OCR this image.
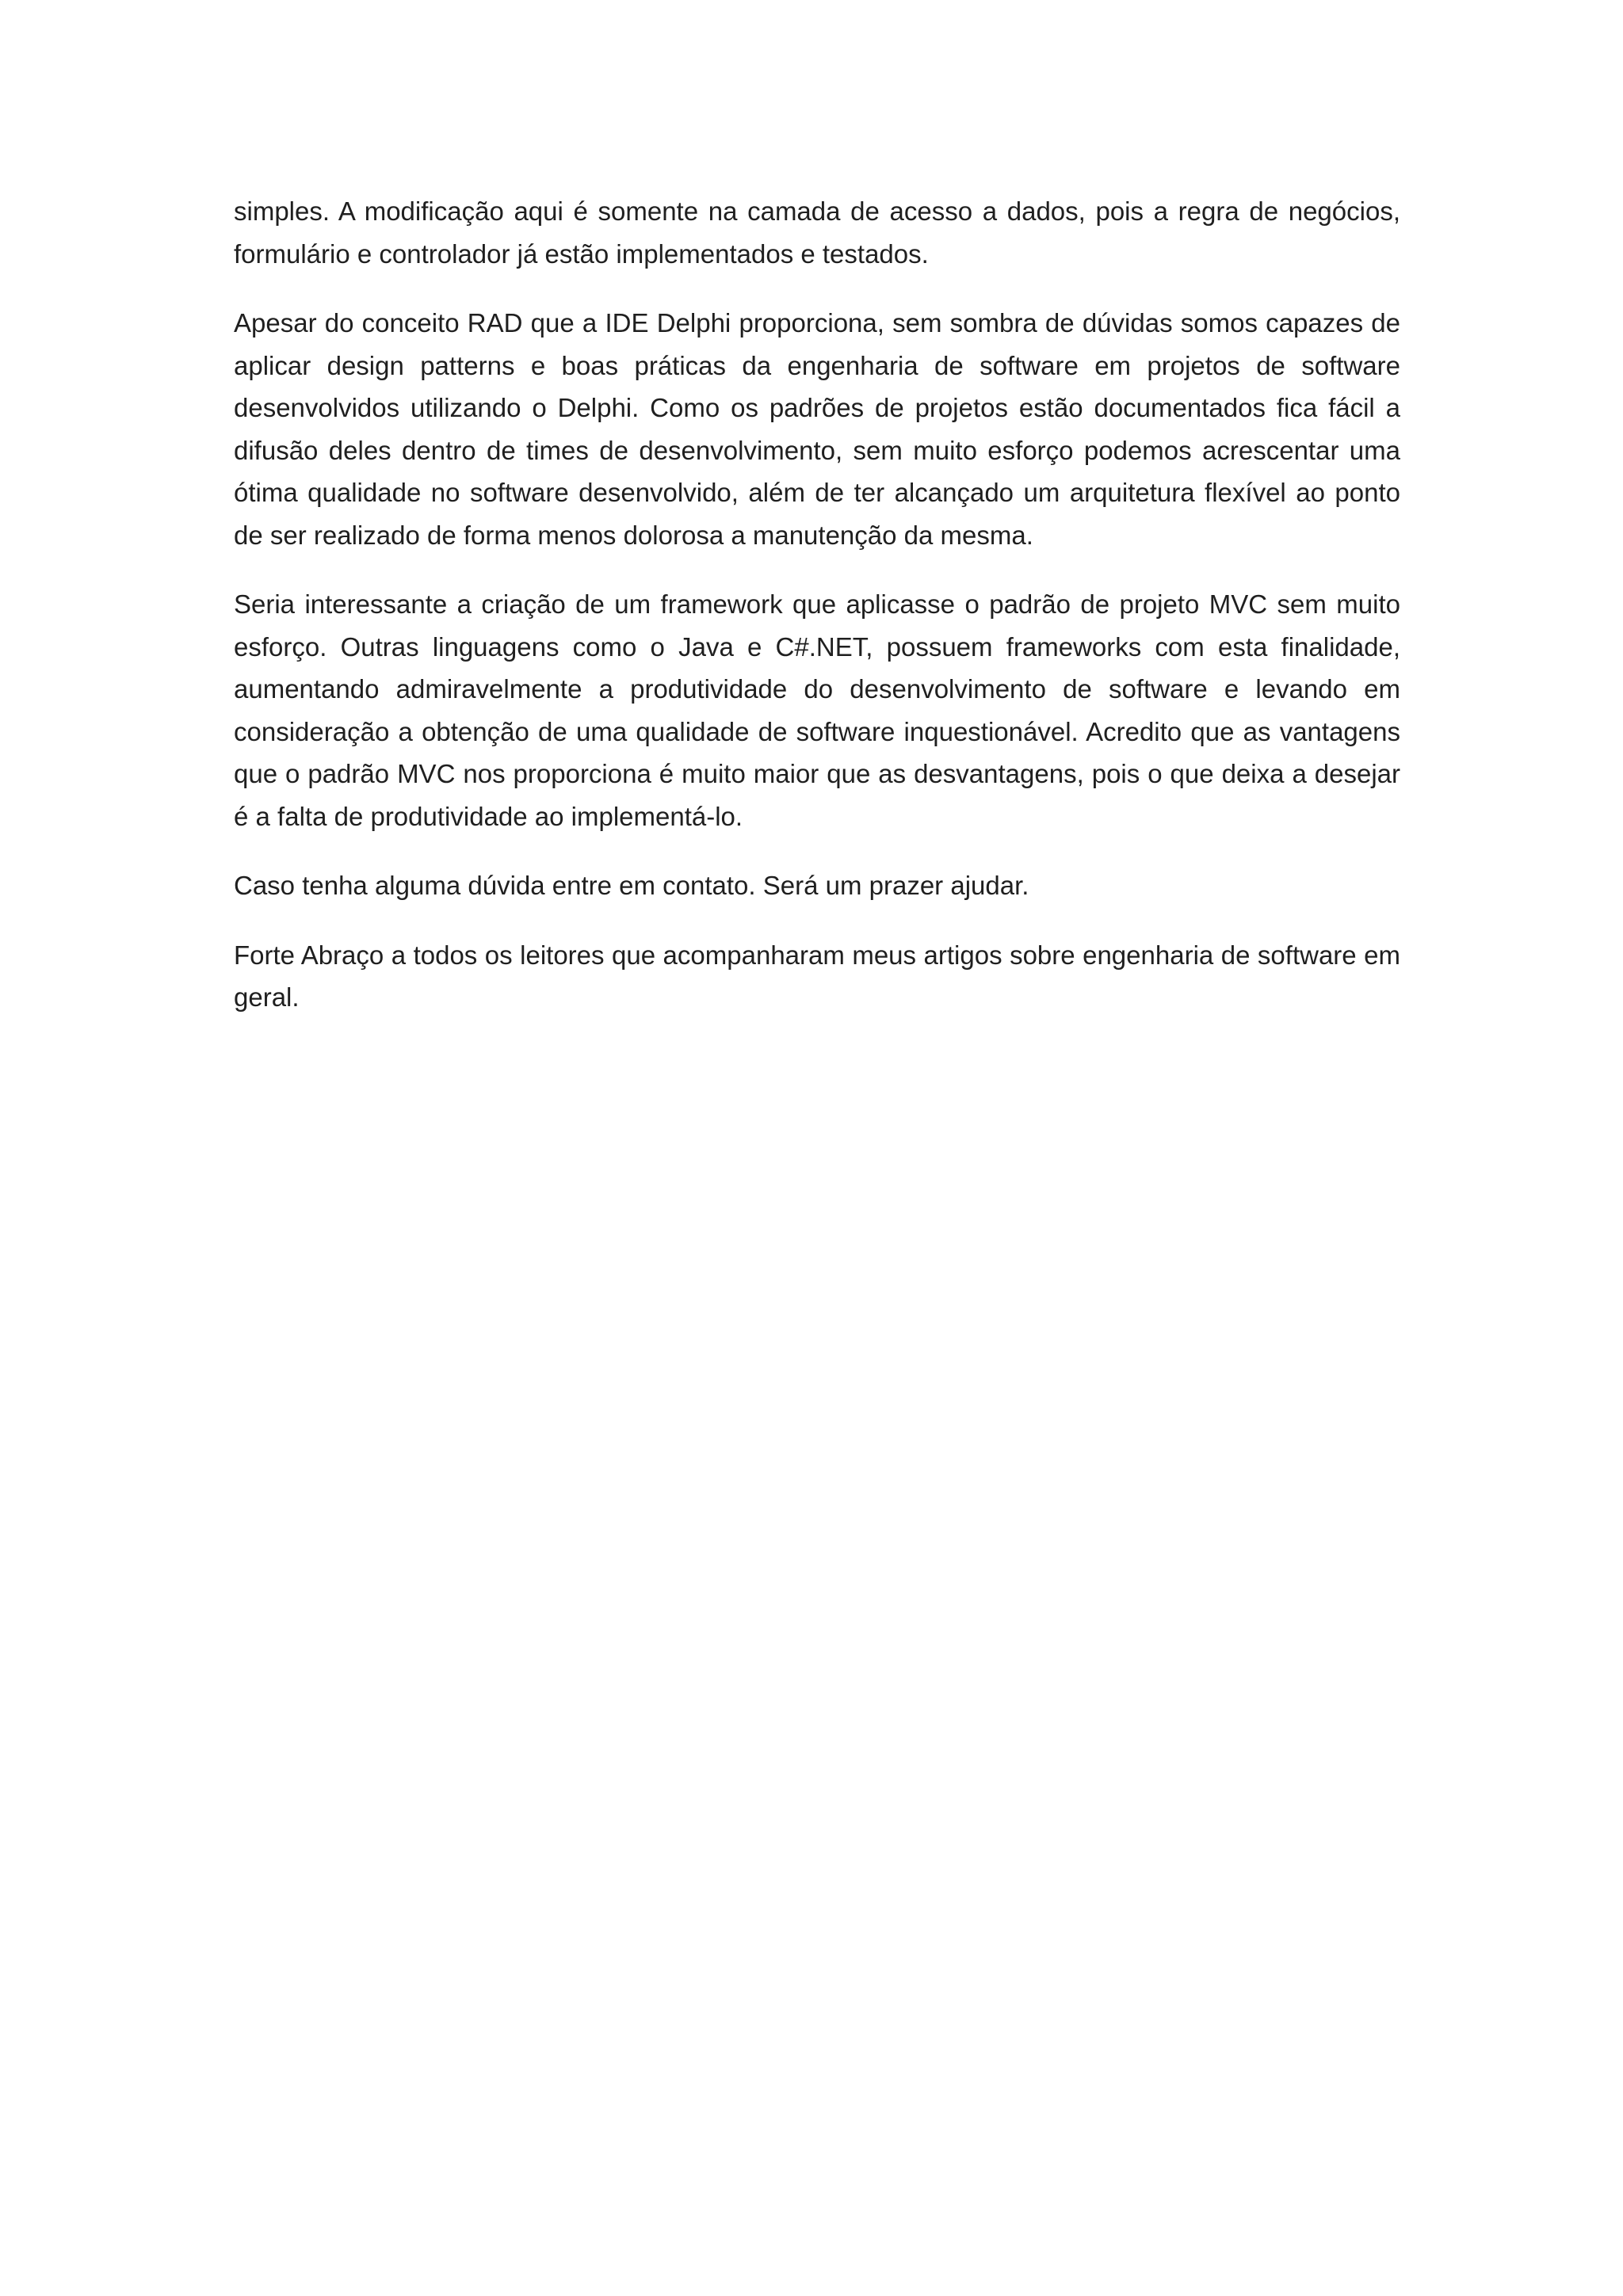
simples. A modificação aqui é somente na camada de acesso a dados, pois a regra de negócios, formulário e controlador já estão implementados e testados.

Apesar do conceito RAD que a IDE Delphi proporciona, sem sombra de dúvidas somos capazes de aplicar design patterns e boas práticas da engenharia de software em projetos de software desenvolvidos utilizando o Delphi. Como os padrões de projetos estão documentados fica fácil a difusão deles dentro de times de desenvolvimento, sem muito esforço podemos acrescentar uma ótima qualidade no software desenvolvido, além de ter alcançado um arquitetura flexível ao ponto de ser realizado de forma menos dolorosa a manutenção da mesma.

Seria interessante a criação de um framework que aplicasse o padrão de projeto MVC sem muito esforço. Outras linguagens como o Java e C#.NET, possuem frameworks com esta finalidade, aumentando admiravelmente a produtividade do desenvolvimento de software e levando em consideração a obtenção de uma qualidade de software inquestionável. Acredito que as vantagens que o padrão MVC nos proporciona é muito maior que as desvantagens, pois o que deixa a desejar é a falta de produtividade ao implementá-lo.

Caso tenha alguma dúvida entre em contato. Será um prazer ajudar.

Forte Abraço a todos os leitores que acompanharam meus artigos sobre engenharia de software em geral.
